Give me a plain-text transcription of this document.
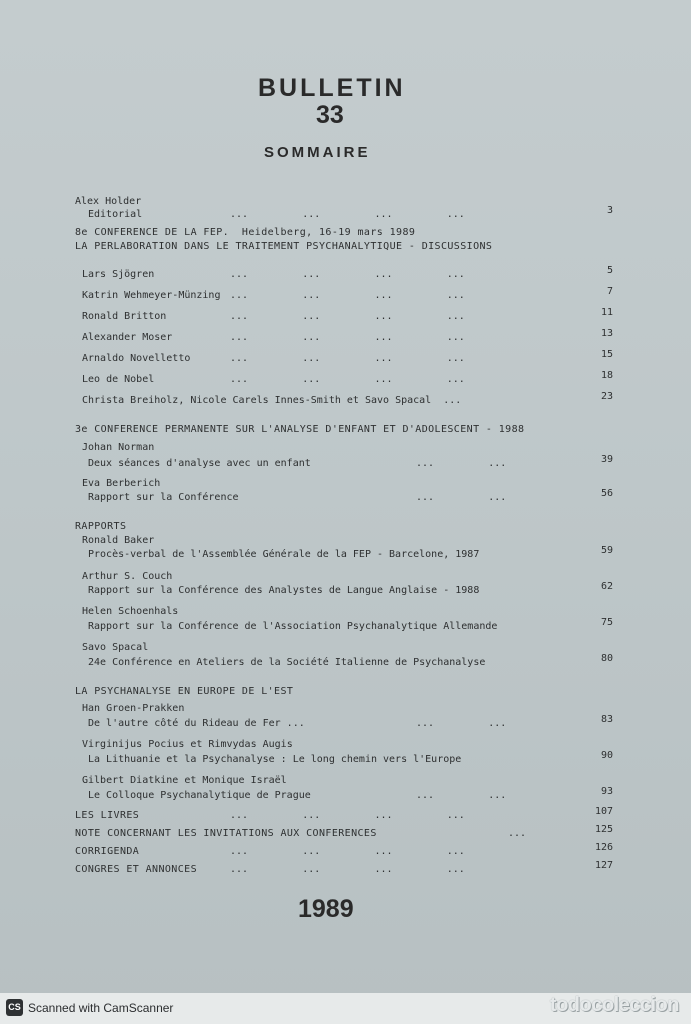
BULLETIN
33
SOMMAIRE
Alex Holder
Editorial	...         ...         ...         ...	3
8e CONFERENCE DE LA FEP.  Heidelberg, 16-19 mars 1989
LA PERLABORATION DANS LE TRAITEMENT PSYCHANALYTIQUE - DISCUSSIONS
Lars Sjögren	...         ...         ...         ...	5
Katrin Wehmeyer-Münzing ...         ...         ...         ...	7
Ronald Britton	...         ...         ...         ...	11
Alexander Moser	...         ...         ...         ...	13
Arnaldo Novelletto	...         ...         ...         ...	15
Leo de Nobel	...         ...         ...         ...	18
Christa Breiholz, Nicole Carels Innes-Smith et Savo Spacal  ...	23
3e CONFERENCE PERMANENTE SUR L'ANALYSE D'ENFANT ET D'ADOLESCENT - 1988
Johan Norman
Deux séances d'analyse avec un enfant	...         ...	39
Eva Berberich
Rapport sur la Conférence	...         ...	56
RAPPORTS
Ronald Baker
Procès-verbal de l'Assemblée Générale de la FEP - Barcelone, 1987	59
Arthur S. Couch
Rapport sur la Conférence des Analystes de Langue Anglaise - 1988	62
Helen Schoenhals
Rapport sur la Conférence de l'Association Psychanalytique Allemande	75
Savo Spacal
24e Conférence en Ateliers de la Société Italienne de Psychanalyse	80
LA PSYCHANALYSE EN EUROPE DE L'EST
Han Groen-Prakken
De l'autre côté du Rideau de Fer ...	...         ...	83
Virginijus Pocius et Rimvydas Augis
La Lithuanie et la Psychanalyse : Le long chemin vers l'Europe	90
Gilbert Diatkine et Monique Israël
Le Colloque Psychanalytique de Prague	...         ...	93
LES LIVRES	...         ...         ...         ...	107
NOTE CONCERNANT LES INVITATIONS AUX CONFERENCES	...	125
CORRIGENDA	...         ...         ...         ...	126
CONGRES ET ANNONCES	...         ...         ...         ...	127
1989
CS Scanned with CamScanner	todocoleccion
